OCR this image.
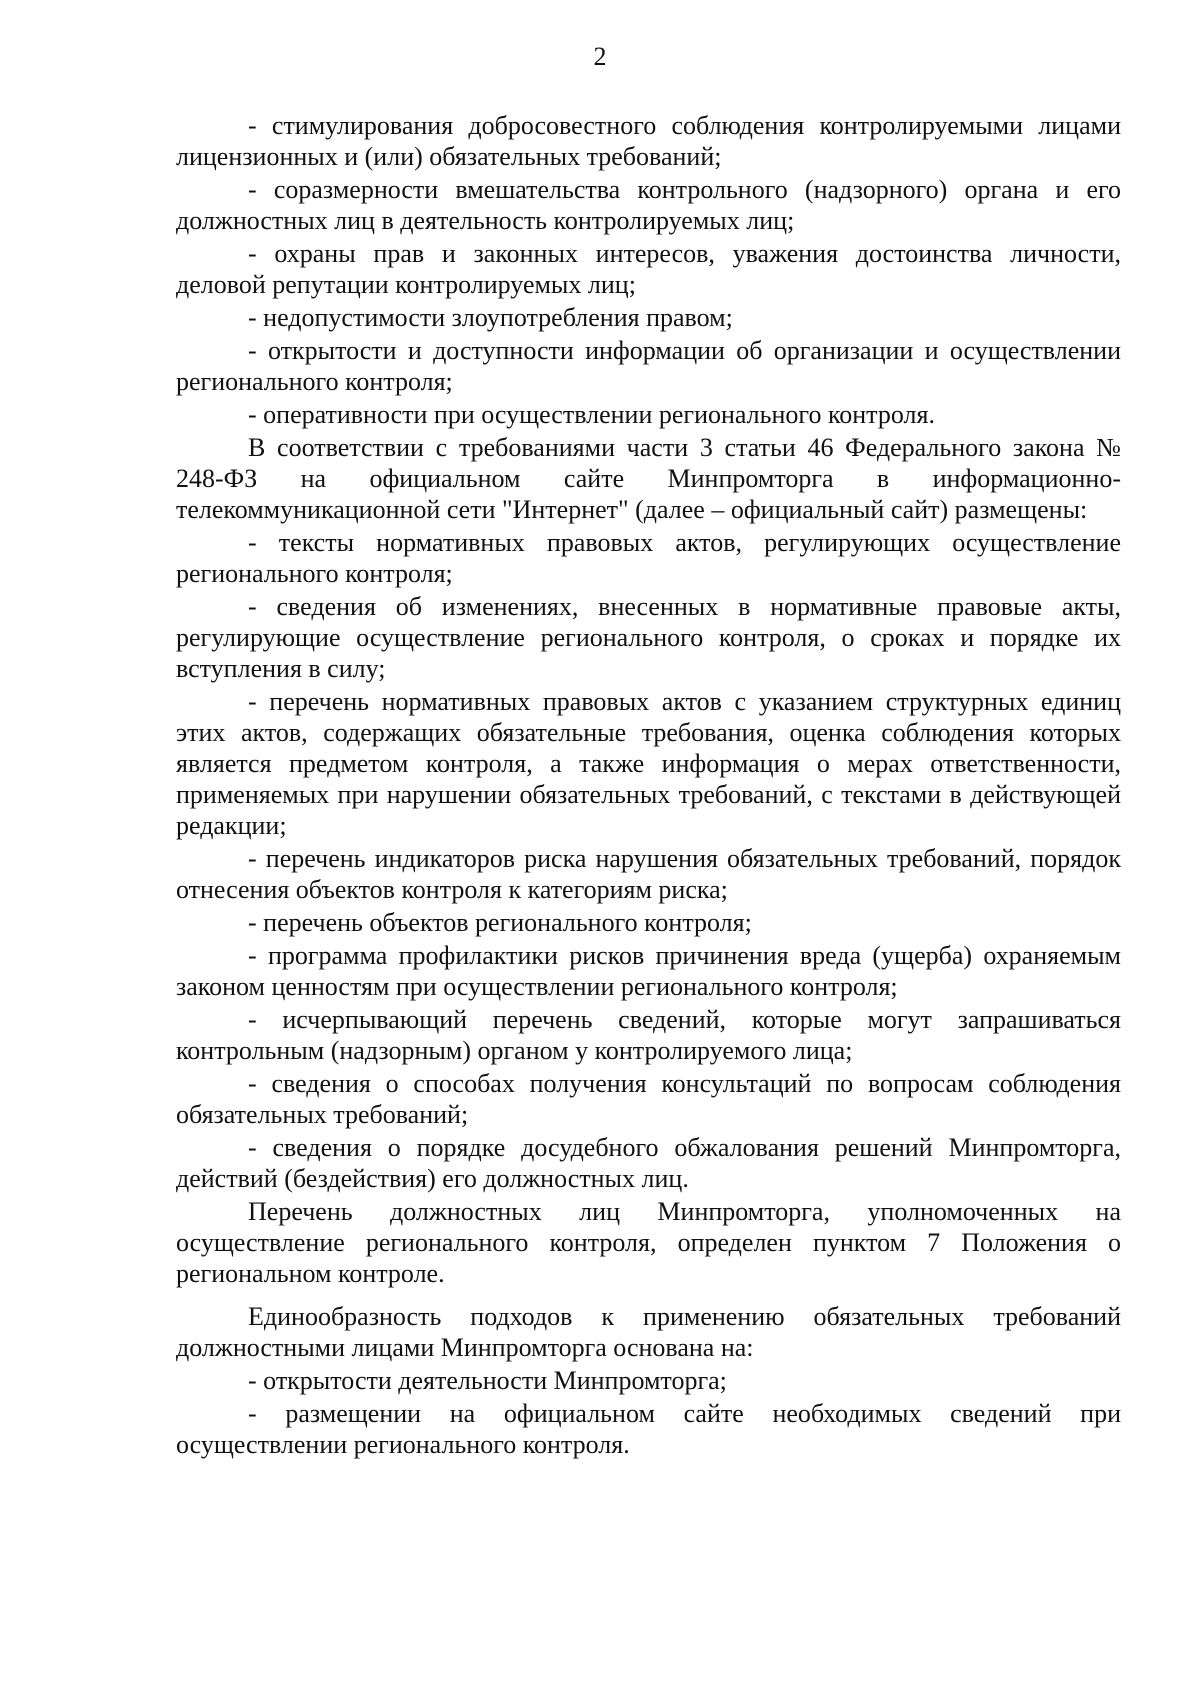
2

- стимулирования добросовестного соблюдения контролируемыми лицами лицензионных и (или) обязательных требований;

- соразмерности вмешательства контрольного (надзорного) органа и его должностных лиц в деятельность контролируемых лиц;

- охраны прав и законных интересов, уважения достоинства личности, деловой репутации контролируемых лиц;

- недопустимости злоупотребления правом;

- открытости и доступности информации об организации и осуществлении регионального контроля;

- оперативности при осуществлении регионального контроля.

В соответствии с требованиями части 3 статьи 46 Федерального закона № 248-ФЗ на официальном сайте Минпромторга в информационно-телекоммуникационной сети "Интернет" (далее – официальный сайт) размещены:

- тексты нормативных правовых актов, регулирующих осуществление регионального контроля;

- сведения об изменениях, внесенных в нормативные правовые акты, регулирующие осуществление регионального контроля, о сроках и порядке их вступления в силу;

- перечень нормативных правовых актов с указанием структурных единиц этих актов, содержащих обязательные требования, оценка соблюдения которых является предметом контроля, а также информация о мерах ответственности, применяемых при нарушении обязательных требований, с текстами в действующей редакции;

- перечень индикаторов риска нарушения обязательных требований, порядок отнесения объектов контроля к категориям риска;

- перечень объектов регионального контроля;

- программа профилактики рисков причинения вреда (ущерба) охраняемым законом ценностям при осуществлении регионального контроля;

- исчерпывающий перечень сведений, которые могут запрашиваться контрольным (надзорным) органом у контролируемого лица;

- сведения о способах получения консультаций по вопросам соблюдения обязательных требований;

- сведения о порядке досудебного обжалования решений Минпромторга, действий (бездействия) его должностных лиц.

Перечень должностных лиц Минпромторга, уполномоченных на осуществление регионального контроля, определен пунктом 7 Положения о региональном контроле.

Единообразность подходов к применению обязательных требований должностными лицами Минпромторга основана на:

- открытости деятельности Минпромторга;

- размещении на официальном сайте необходимых сведений при осуществлении регионального контроля.
